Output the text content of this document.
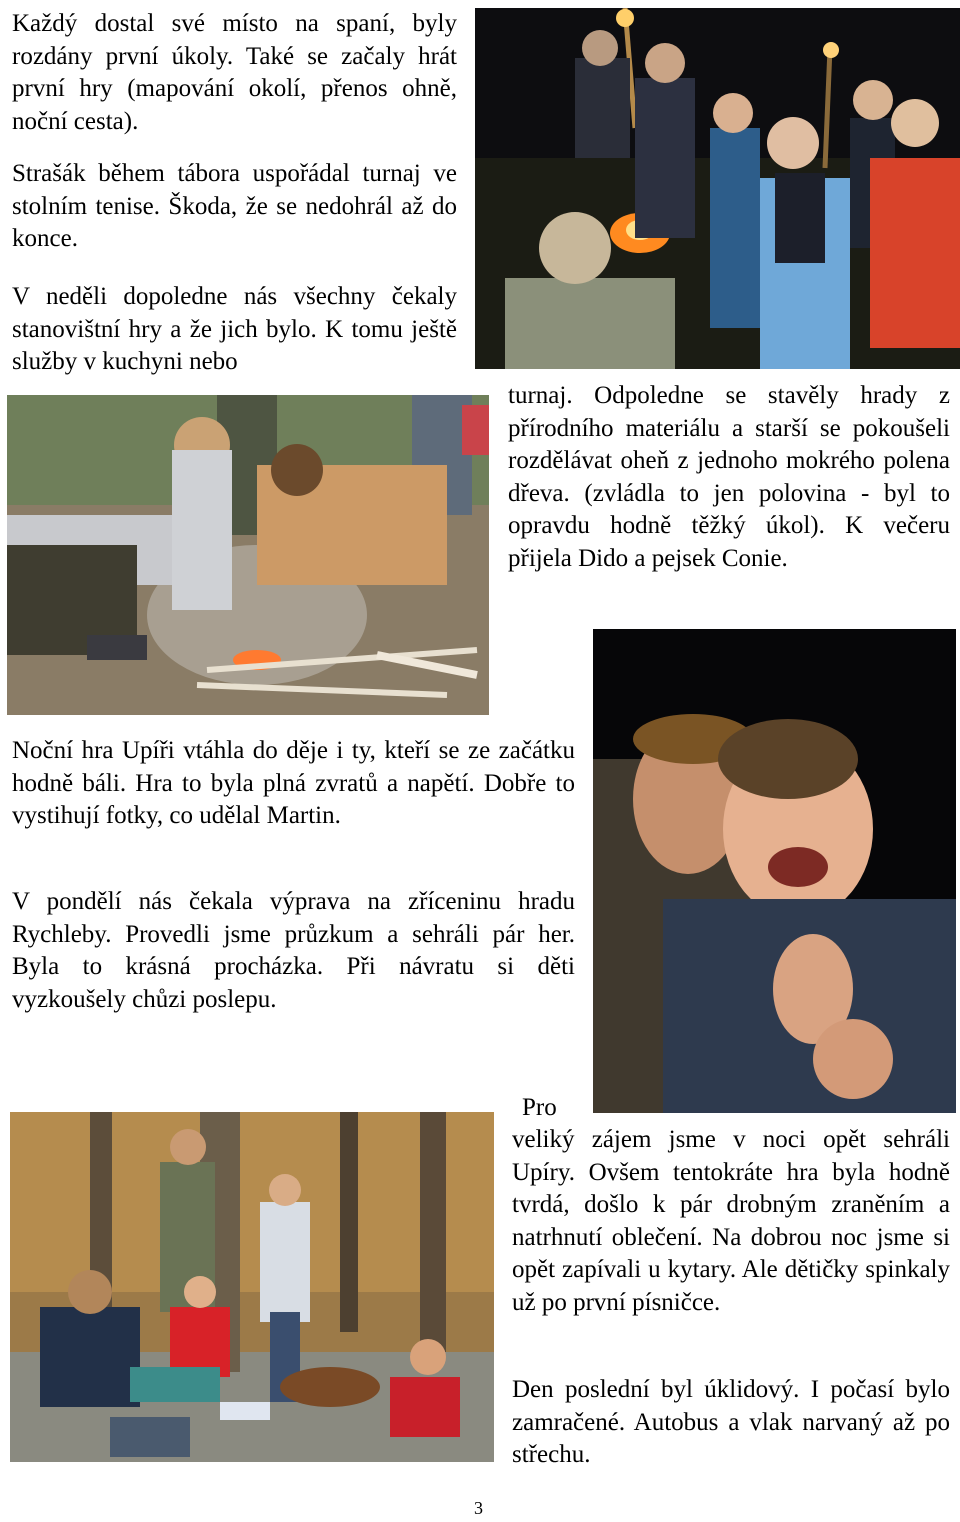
Každý dostal své místo na spaní, byly rozdány první úkoly. Také se začaly hrát první hry (mapování okolí, přenos ohně, noční cesta).

Strašák během tábora uspořádal turnaj ve stolním tenise. Škoda, že se nedohrál až do konce.

V neděli dopoledne nás všechny čekaly stanovištní hry a že jich bylo. K tomu ještě služby v kuchyni nebo

turnaj. Odpoledne se stavěly hrady z přírodního materiálu a starší se pokoušeli rozdělávat oheň z jednoho mokrého polena dřeva. (zvládla to jen polovina - byl to opravdu hodně těžký úkol). K večeru přijela Dido a pejsek Conie.

Noční hra Upíři vtáhla do děje i ty, kteří se ze začátku hodně báli. Hra to byla plná zvratů a napětí. Dobře to vystihují fotky, co udělal Martin.

V pondělí nás čekala výprava na zříceninu hradu Rychleby. Provedli jsme průzkum a sehráli pár her. Byla to krásná procházka. Při návratu si děti vyzkoušely chůzi poslepu.

Pro

veliký zájem jsme v noci opět sehráli Upíry. Ovšem tentokráte hra byla hodně tvrdá, došlo k pár drobným zraněním a natrhnutí oblečení. Na dobrou noc jsme si opět zapívali u kytary. Ale dětičky spinkaly už po první písničce.

Den poslední byl úklidový. I počasí bylo zamračené. Autobus a vlak narvaný až po střechu.

3
